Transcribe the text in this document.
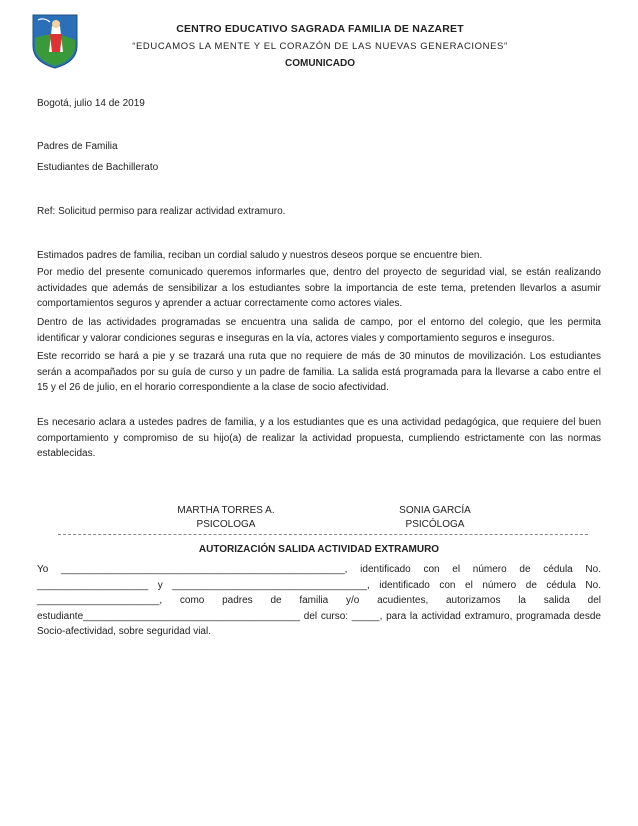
CENTRO EDUCATIVO SAGRADA FAMILIA DE NAZARET
“EDUCAMOS LA MENTE Y EL CORAZÓN DE LAS NUEVAS GENERACIONES”
COMUNICADO
Bogotá, julio 14 de 2019
Padres de Familia
Estudiantes de Bachillerato
Ref: Solicitud permiso para realizar actividad extramuro.
Estimados padres de familia, reciban un cordial saludo y nuestros deseos porque se encuentre bien.
Por medio del presente comunicado queremos informarles que, dentro del proyecto de seguridad vial, se están realizando actividades que además de sensibilizar a los estudiantes sobre la importancia de este tema, pretenden llevarlos a asumir comportamientos seguros y aprender a actuar correctamente como actores viales.
Dentro de las actividades programadas se encuentra una salida de campo, por el entorno del colegio, que les permita identificar y valorar condiciones seguras e inseguras en la vía, actores viales y comportamiento seguros e inseguros.
Este recorrido se hará a pie y se trazará una ruta que no requiere de más de 30 minutos de movilización. Los estudiantes serán a acompañados por su guía de curso y un padre de familia. La salida está programada para la llevarse a cabo entre el 15 y el 26 de julio, en el horario correspondiente a la clase de socio afectividad.
Es necesario aclara a ustedes padres de familia, y a los estudiantes que es una actividad pedagógica, que requiere del buen comportamiento y compromiso de su hijo(a) de realizar la actividad propuesta, cumpliendo estrictamente con las normas establecidas.
MARTHA TORRES A.
PSICOLOGA
SONIA GARCÍA
PSICÓLOGA
AUTORIZACIÓN SALIDA ACTIVIDAD EXTRAMURO
Yo ___________________________________________________, identificado con el número de cédula No. ____________________ y ___________________________________, identificado con el número de cédula No. ______________________, como padres de familia y/o acudientes, autorizamos la salida del estudiante_______________________________________ del curso: _____, para la actividad extramuro, programada desde Socio-afectividad, sobre seguridad vial.
